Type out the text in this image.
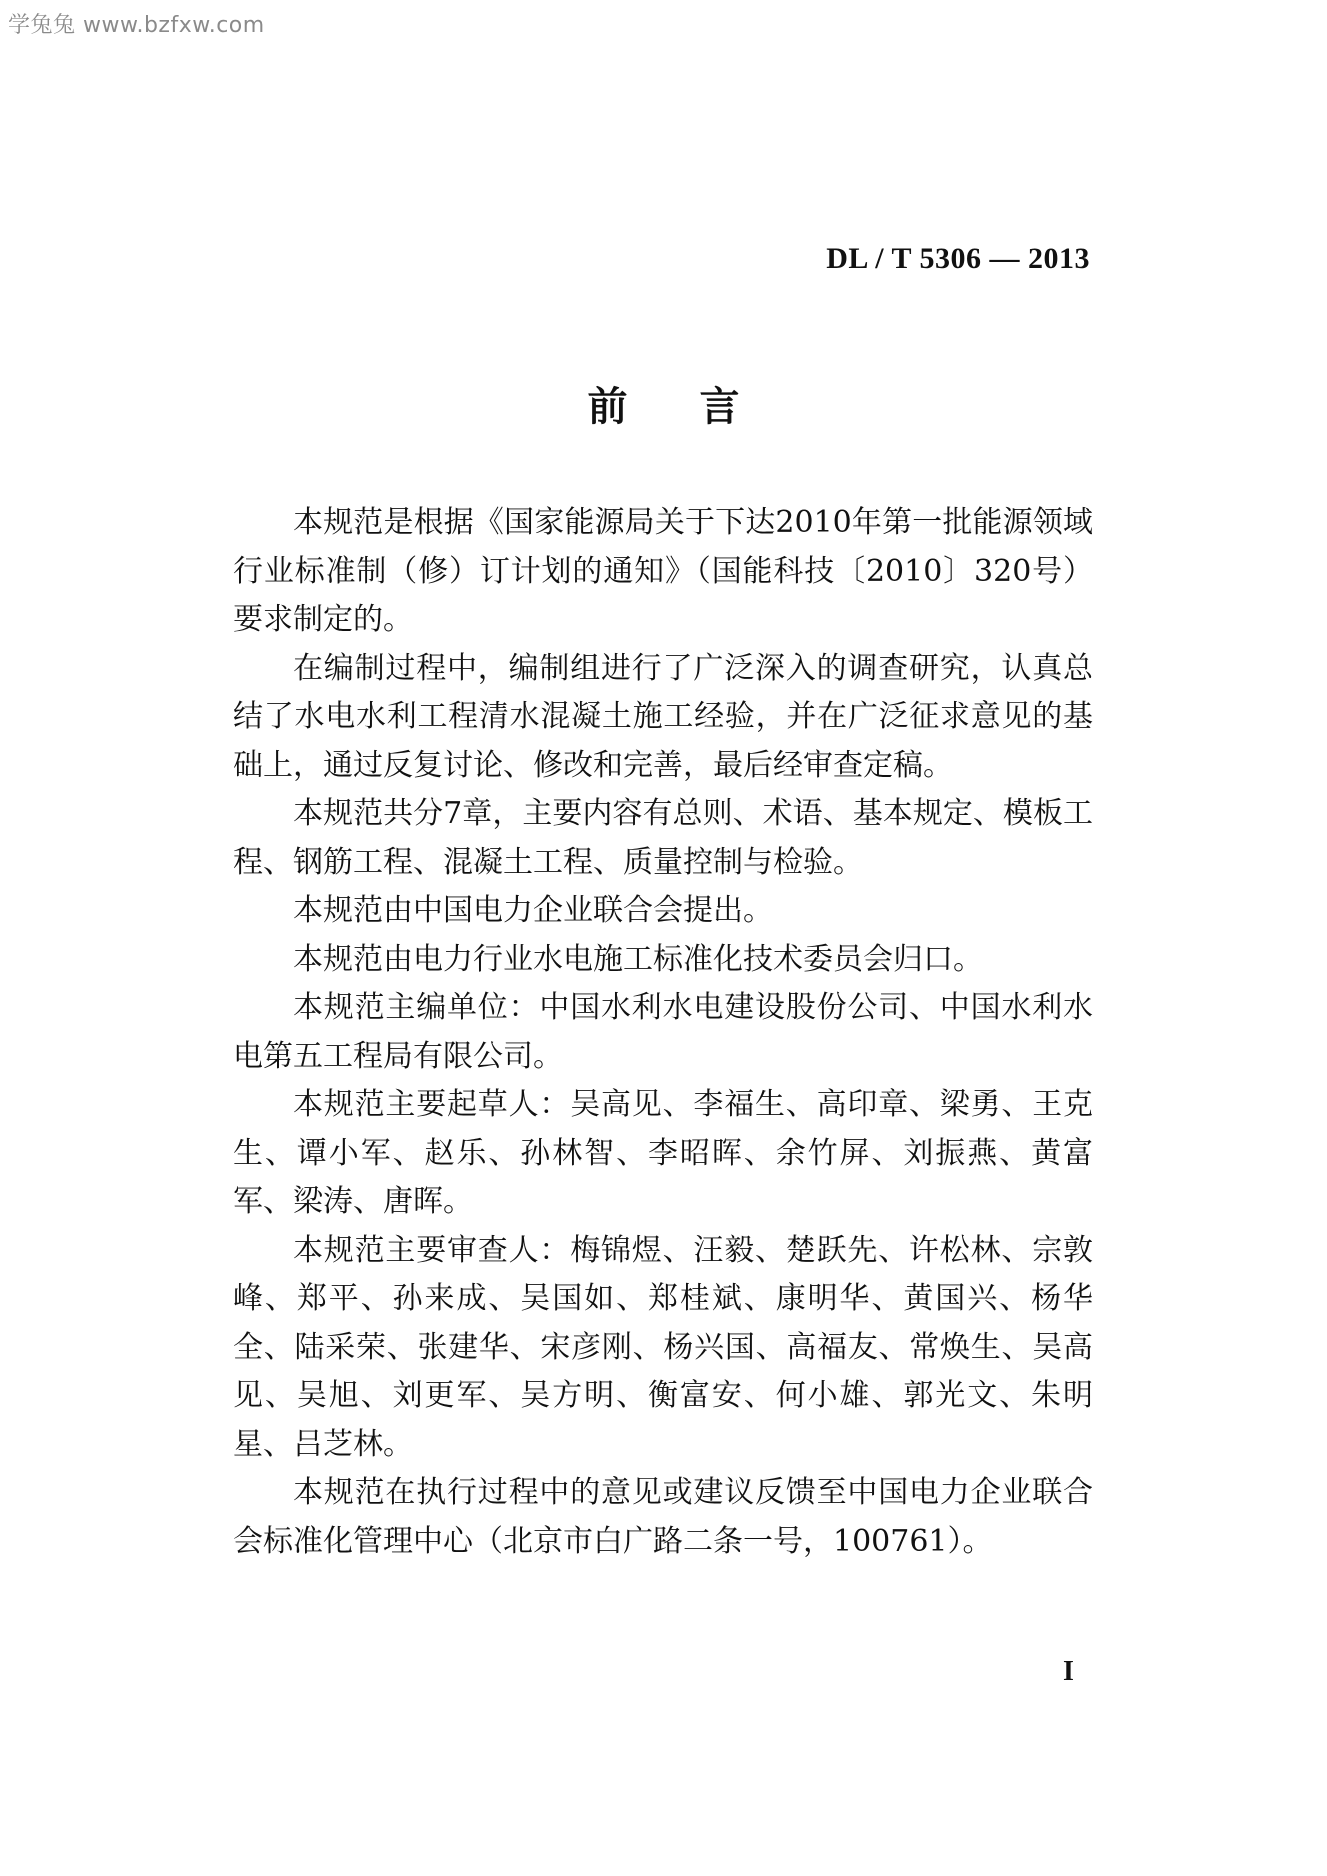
学兔兔 www.bzfxw.com
DL / T 5306 — 2013
前言

本规范是根据《国家能源局关于下达2010年第一批能源领域行业标准制（修）订计划的通知》（国能科技〔2010〕320号）要求制定的。

在编制过程中，编制组进行了广泛深入的调查研究，认真总结了水电水利工程清水混凝土施工经验，并在广泛征求意见的基础上，通过反复讨论、修改和完善，最后经审查定稿。

本规范共分7章，主要内容有总则、术语、基本规定、模板工程、钢筋工程、混凝土工程、质量控制与检验。

本规范由中国电力企业联合会提出。

本规范由电力行业水电施工标准化技术委员会归口。

本规范主编单位：中国水利水电建设股份公司、中国水利水电第五工程局有限公司。

本规范主要起草人：吴高见、李福生、高印章、梁勇、王克生、谭小军、赵乐、孙林智、李昭晖、余竹屏、刘振燕、黄富军、梁涛、唐晖。

本规范主要审查人：梅锦煜、汪毅、楚跃先、许松林、宗敦峰、郑平、孙来成、吴国如、郑桂斌、康明华、黄国兴、杨华全、陆采荣、张建华、宋彦刚、杨兴国、高福友、常焕生、吴高见、吴旭、刘更军、吴方明、衡富安、何小雄、郭光文、朱明星、吕芝林。

本规范在执行过程中的意见或建议反馈至中国电力企业联合会标准化管理中心（北京市白广路二条一号，100761）。

I
